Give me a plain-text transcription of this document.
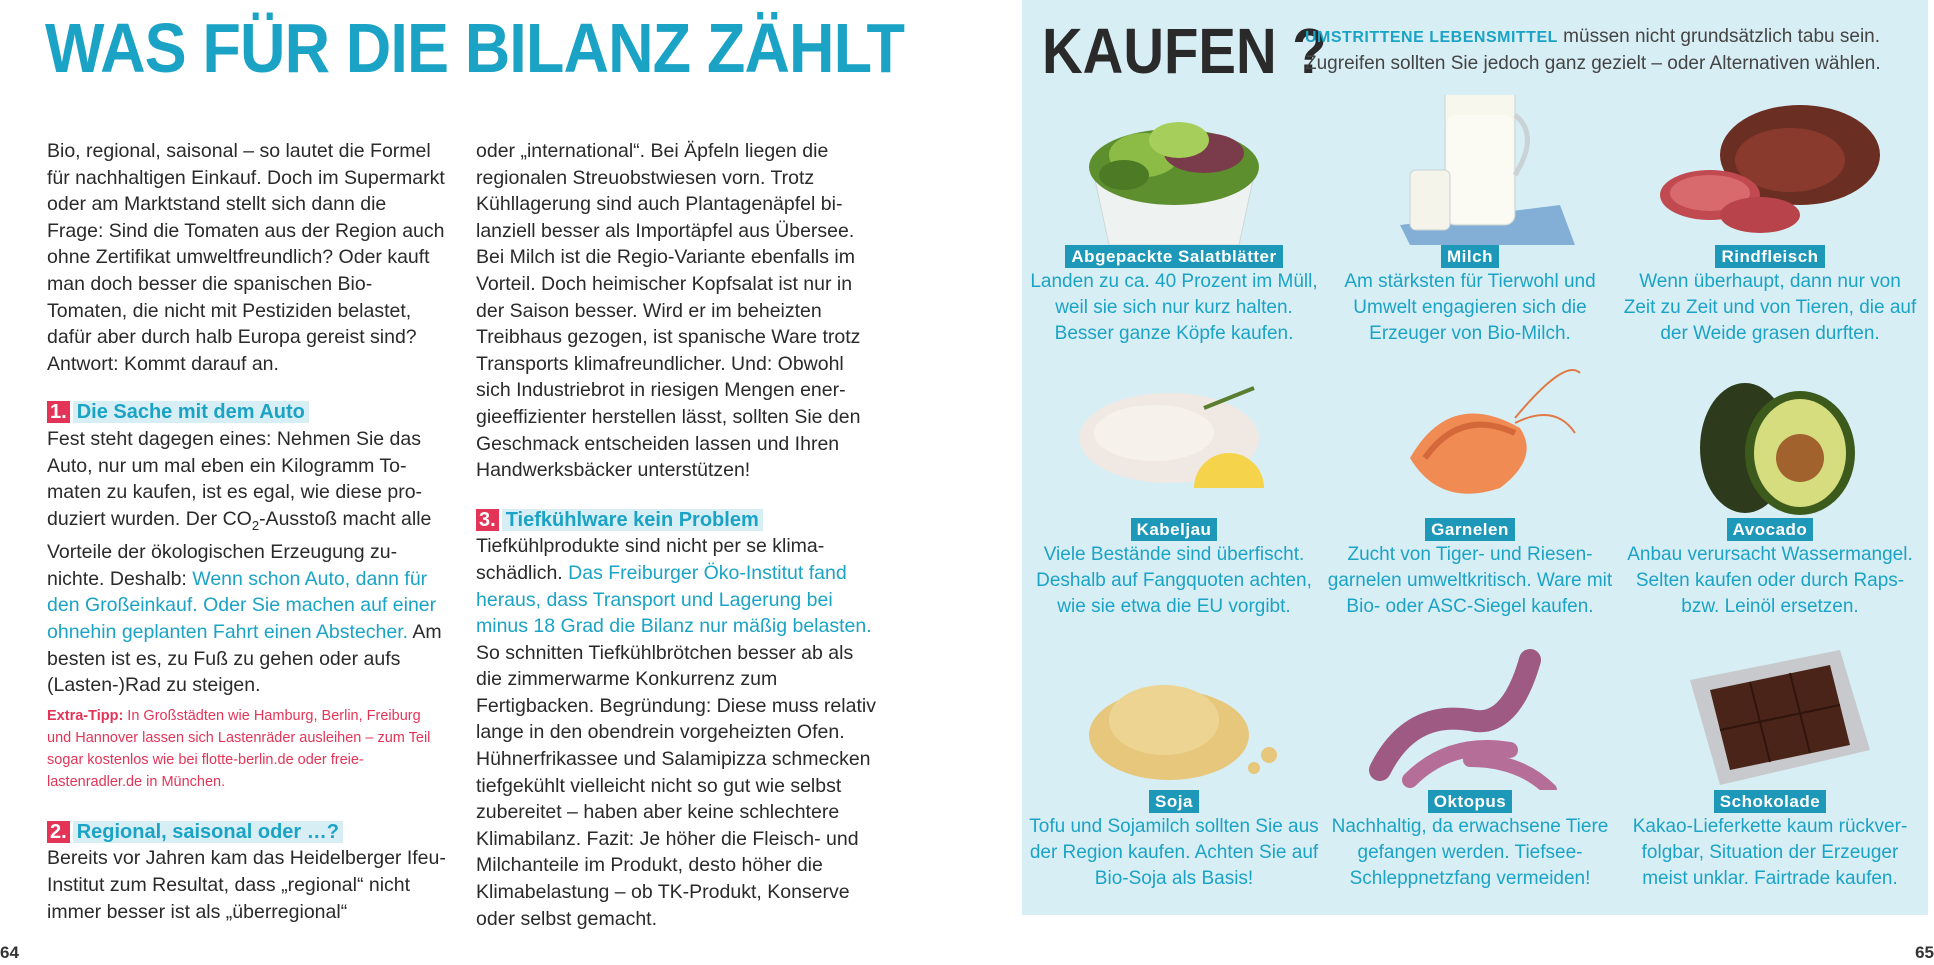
WAS FÜR DIE BILANZ ZÄHLT

Bio, regional, saisonal – so lautet die Formel für nachhaltigen Einkauf. Doch im Supermarkt oder am Marktstand stellt sich dann die Frage: Sind die Tomaten aus der Region auch ohne Zertifikat umweltfreundlich? Oder kauft man doch besser die spanischen Bio-Tomaten, die nicht mit Pestiziden belastet, dafür aber durch halb Europa gereist sind? Antwort: Kommt darauf an.

1. Die Sache mit dem Auto

Fest steht dagegen eines: Nehmen Sie das Auto, nur um mal eben ein Kilogramm Tomaten zu kaufen, ist es egal, wie diese produziert wurden. Der $CO_2$-Ausstoß macht alle Vorteile der ökologischen Erzeugung zunichte. Deshalb: Wenn schon Auto, dann für den Großeinkauf. Oder Sie machen auf einer ohnehin geplanten Fahrt einen Abstecher. Am besten ist es, zu Fuß zu gehen oder aufs (Lasten-)Rad zu steigen.

Extra-Tipp: In Großstädten wie Hamburg, Berlin, Freiburg und Hannover lassen sich Lastenräder ausleihen – zum Teil sogar kostenlos wie bei flotte-berlin.de oder freie-lastenradler.de in München.

2. Regional, saisonal oder …?

Bereits vor Jahren kam das Heidelberger Ifeu-Institut zum Resultat, dass „regional“ nicht immer besser ist als „überregional“

oder „international“. Bei Äpfeln liegen die regionalen Streuobstwiesen vorn. Trotz Kühllagerung sind auch Plantagenäpfel bilanziell besser als Importäpfel aus Übersee. Bei Milch ist die Regio-Variante ebenfalls im Vorteil. Doch heimischer Kopfsalat ist nur in der Saison besser. Wird er im beheizten Treibhaus gezogen, ist spanische Ware trotz Transports klimafreundlicher. Und: Obwohl sich Industriebrot in riesigen Mengen energieeffizienter herstellen lässt, sollten Sie den Geschmack entscheiden lassen und Ihren Handwerksbäcker unterstützen!

3. Tiefkühlware kein Problem

Tiefkühlprodukte sind nicht per se klimaschädlich. Das Freiburger Öko-Institut fand heraus, dass Transport und Lagerung bei minus 18 Grad die Bilanz nur mäßig belasten. So schnitten Tiefkühlbrötchen besser ab als die zimmerwarme Konkurrenz zum Fertigbacken. Begründung: Diese muss relativ lange in den obendrein vorgeheizten Ofen. Hühnerfrikassee und Salamipizza schmecken tiefgekühlt vielleicht nicht so gut wie selbst zubereitet – haben aber keine schlechtere Klimabilanz. Fazit: Je höher die Fleisch- und Milchanteile im Produkt, desto höher die Klimabelastung – ob TK-Produkt, Konserve oder selbst gemacht.

64
KAUFEN ?
UMSTRITTENE LEBENSMITTEL müssen nicht grundsätzlich tabu sein. Zugreifen sollten Sie jedoch ganz gezielt – oder Alternativen wählen.
Abgepackte Salatblätter
Landen zu ca. 40 Prozent im Müll, weil sie sich nur kurz halten. Besser ganze Köpfe kaufen.
Milch
Am stärksten für Tierwohl und Umwelt engagieren sich die Erzeuger von Bio-Milch.
Rindfleisch
Wenn überhaupt, dann nur von Zeit zu Zeit und von Tieren, die auf der Weide grasen durften.
Kabeljau
Viele Bestände sind überfischt. Deshalb auf Fangquoten achten, wie sie etwa die EU vorgibt.
Garnelen
Zucht von Tiger- und Riesengarnelen umweltkritisch. Ware mit Bio- oder ASC-Siegel kaufen.
Avocado
Anbau verursacht Wassermangel. Selten kaufen oder durch Raps- bzw. Leinöl ersetzen.
Soja
Tofu und Sojamilch sollten Sie aus der Region kaufen. Achten Sie auf Bio-Soja als Basis!
Oktopus
Nachhaltig, da erwachsene Tiere gefangen werden. TiefseeSchleppnetzfang vermeiden!
Schokolade
Kakao-Lieferkette kaum rückverfolgbar, Situation der Erzeuger meist unklar. Fairtrade kaufen.
65
